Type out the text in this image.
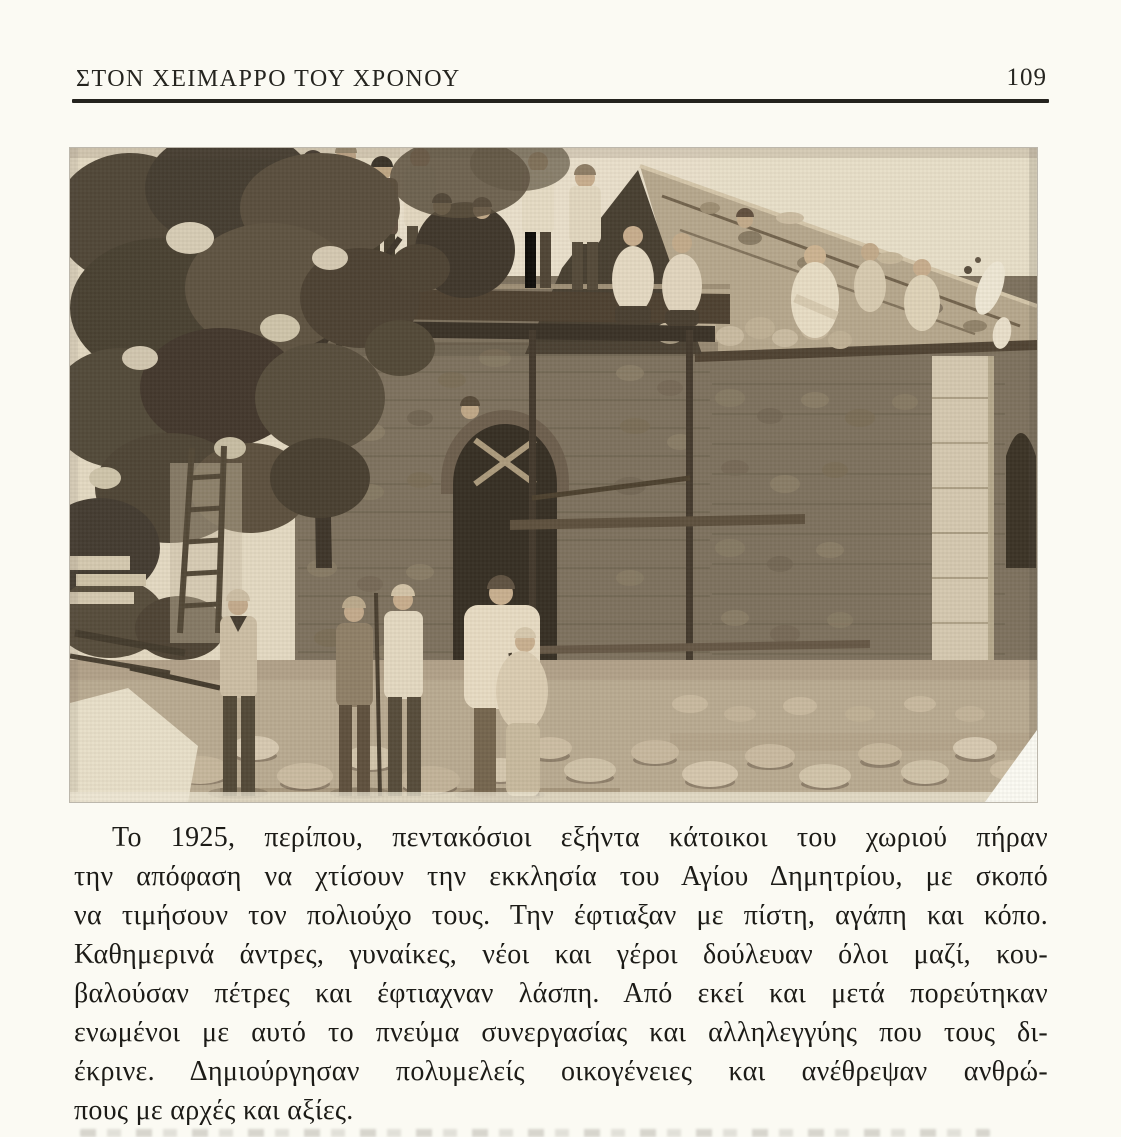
ΣΤΟΝ ΧΕΙΜΑΡΡΟ ΤΟΥ ΧΡΟΝΟΥ	109
Το 1925, περίπου, πεντακόσιοι εξήντα κάτοικοι του χωριού πήραν
την απόφαση να χτίσουν την εκκλησία του Αγίου Δημητρίου, με σκοπό
να τιμήσουν τον πολιούχο τους. Την έφτιαξαν με πίστη, αγάπη και κόπο.
Καθημερινά άντρες, γυναίκες, νέοι και γέροι δούλευαν όλοι μαζί, κου-
βαλούσαν πέτρες και έφτιαχναν λάσπη. Από εκεί και μετά πορεύτηκαν
ενωμένοι με αυτό το πνεύμα συνεργασίας και αλληλεγγύης που τους δι-
έκρινε. Δημιούργησαν πολυμελείς οικογένειες και ανέθρεψαν ανθρώ-
πους με αρχές και αξίες.
